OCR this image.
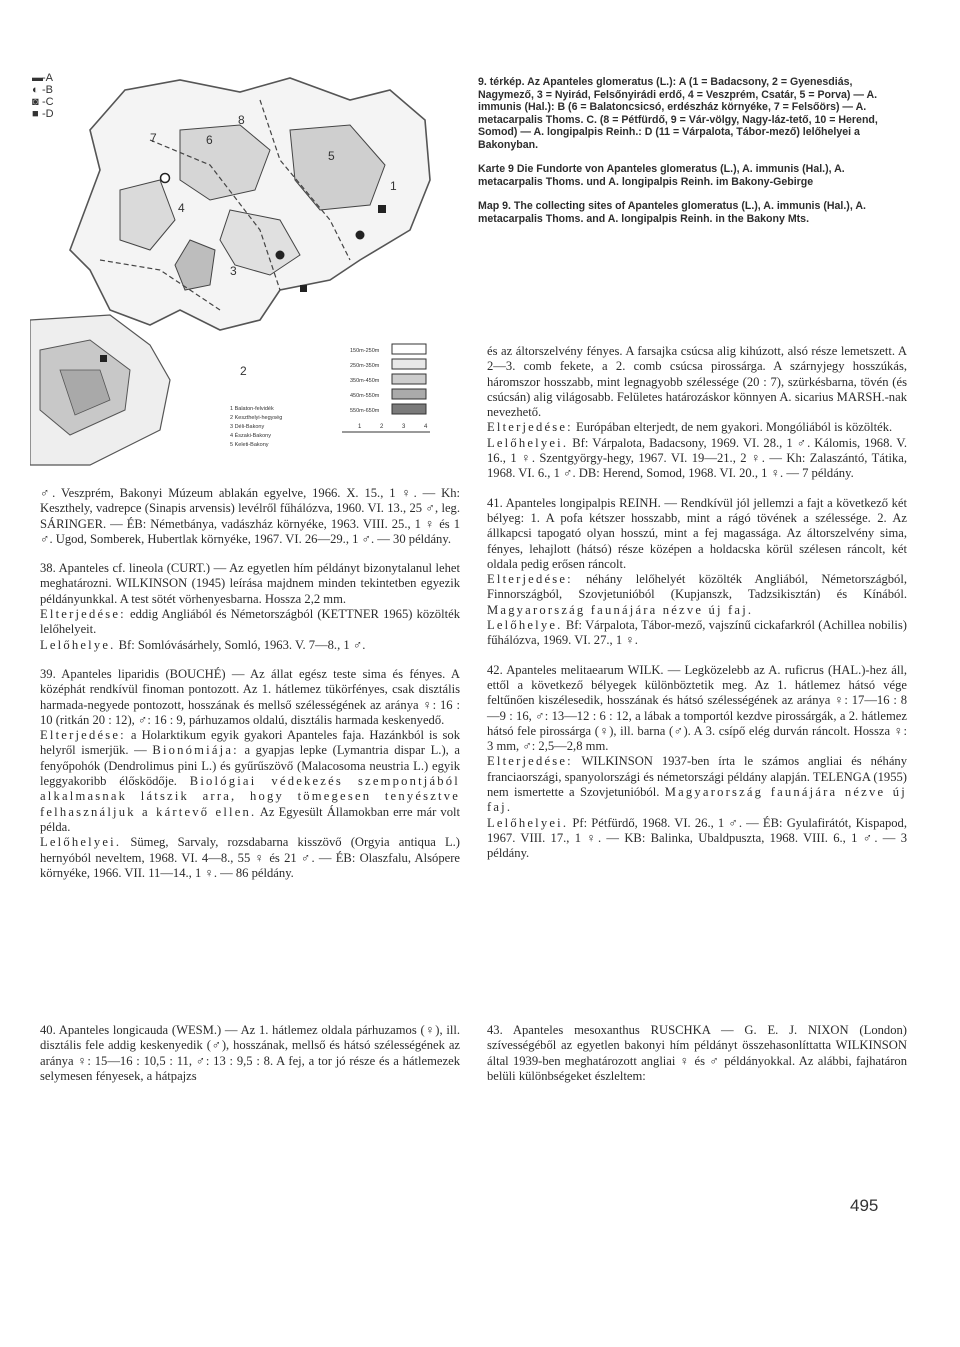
1
2
3
4
5
6
7
8
1 Balaton-felvidék
2 Keszthelyi-hegység
3 Déli-Bakony
4 Északi-Bakony
5 Keleti-Bakony
150m-250m
250m-350m
350m-450m
450m-550m
550m-650m
1	2	3	4
▬-A
◐ -B
◙ -C
■ -D

9. térkép. Az Apanteles glomeratus (L.): A (1 = Badacsony, 2 = Gyenesdiás, Nagymező, 3 = Nyirád, Felsőnyirádi erdő, 4 = Veszprém, Csatár, 5 = Porva) — A. immunis (Hal.): B (6 = Balatoncsicsó, erdészház környéke, 7 = Felsőörs) — A. metacarpalis Thoms. C. (8 = Pétfürdő, 9 = Vár-völgy, Nagy-láz-tető, 10 = Herend, Somod) — A. longipalpis Reinh.: D (11 = Várpalota, Tábor-mező) lelőhelyei a Bakonyban.

Karte 9 Die Fundorte von Apanteles glomeratus (L.), A. immunis (Hal.), A. metacarpalis Thoms. und A. longipalpis Reinh. im Bakony-Gebirge

Map 9. The collecting sites of Apanteles glomeratus (L.), A. immunis (Hal.), A. metacarpalis Thoms. and A. longipalpis Reinh. in the Bakony Mts.

♂. Veszprém, Bakonyi Múzeum ablakán egyelve, 1966. X. 15., 1 ♀. — Kh: Keszthely, vadrepce (Sinapis arvensis) levélről fűhálózva, 1960. VI. 13., 25 ♂, leg. SÁRINGER. — ÉB: Németbánya, vadászház környéke, 1963. VIII. 25., 1 ♀ és 1 ♂. Ugod, Somberek, Hubertlak környéke, 1967. VI. 26—29., 1 ♂. — 30 példány.

38. Apanteles cf. lineola (CURT.) — Az egyetlen hím példányt bizonytalanul lehet meghatározni. WILKINSON (1945) leírása majdnem minden tekintetben egyezik példányunkkal. A test sötét vörhenyesbarna. Hossza 2,2 mm.

Elterjedése: eddig Angliából és Németországból (KETTNER 1965) közölték lelőhelyeit.

Lelőhelye. Bf: Somlóvásárhely, Somló, 1963. V. 7—8., 1 ♂.

39. Apanteles liparidis (BOUCHÉ) — Az állat egész teste sima és fényes. A középhát rendkívül finoman pontozott. Az 1. hátlemez tükörfényes, csak disztális harmada-negyede pontozott, hosszának és mellső szélességének az aránya ♀: 16 : 10 (ritkán 20 : 12), ♂: 16 : 9, párhuzamos oldalú, disztális harmada keskenyedő.

Elterjedése: a Holarktikum egyik gyakori Apanteles faja. Hazánkból is sok helyről ismerjük. — Bionómiája: a gyapjas lepke (Lymantria dispar L.), a fenyőpohók (Dendrolimus pini L.) és gyűrűszövő (Malacosoma neustria L.) egyik leggyakoribb élősködője. Biológiai védekezés szempontjából alkalmasnak látszik arra, hogy tömegesen tenyésztve felhasználjuk a kártevő ellen. Az Egyesült Államokban erre már volt példa.

Lelőhelyei. Sümeg, Sarvaly, rozsdabarna kisszövő (Orgyia antiqua L.) hernyóból neveltem, 1968. VI. 4—8., 55 ♀ és 21 ♂. — ÉB: Olaszfalu, Alsópere környéke, 1966. VII. 11—14., 1 ♀. — 86 példány.

és az áltorszelvény fényes. A farsajka csúcsa alig kihúzott, alsó része lemetszett. A 2—3. comb fekete, a 2. comb csúcsa pirossárga. A szárnyjegy hosszúkás, háromszor hosszabb, mint legnagyobb szélessége (20 : 7), szürkésbarna, tövén (és csúcsán) alig világosabb. Felületes határozáskor könnyen A. sicarius MARSH.-nak nevezhető.

Elterjedése: Európában elterjedt, de nem gyakori. Mongóliából is közölték.

Lelőhelyei. Bf: Várpalota, Badacsony, 1969. VI. 28., 1 ♂. Kálomis, 1968. V. 16., 1 ♀. Szentgyörgy-hegy, 1967. VI. 19—21., 2 ♀. — Kh: Zalaszántó, Tátika, 1968. VI. 6., 1 ♂. DB: Herend, Somod, 1968. VI. 20., 1 ♀. — 7 példány.

41. Apanteles longipalpis REINH. — Rendkívül jól jellemzi a fajt a következő két bélyeg: 1. A pofa kétszer hosszabb, mint a rágó tövének a szélessége. 2. Az állkapcsi tapogató olyan hosszú, mint a fej magassága. Az áltorszelvény sima, fényes, lehajlott (hátsó) része középen a holdacska körül szélesen ráncolt, két oldala pedig erősen ráncolt.

Elterjedése: néhány lelőhelyét közölték Angliából, Németországból, Finnországból, Szovjetunióból (Kupjanszk, Tadzsikisztán) és Kínából. Magyarország faunájára nézve új faj.

Lelőhelye. Bf: Várpalota, Tábor-mező, vajszínű cickafarkról (Achillea nobilis) fűhálózva, 1969. VI. 27., 1 ♀.

42. Apanteles melitaearum WILK. — Legközelebb az A. ruficrus (HAL.)-hez áll, ettől a következő bélyegek különböztetik meg. Az 1. hátlemez hátsó vége feltűnően kiszélesedik, hosszának és hátsó szélességének az aránya ♀: 17—16 : 8—9 : 16, ♂: 13—12 : 6 : 12, a lábak a tomportól kezdve pirossárgák, a 2. hátlemez hátsó fele pirossárga (♀), ill. barna (♂). A 3. csípő elég durván ráncolt. Hossza ♀: 3 mm, ♂: 2,5—2,8 mm.

Elterjedése: WILKINSON 1937-ben írta le számos angliai és néhány franciaországi, spanyolországi és németországi példány alapján. TELENGA (1955) nem ismertette a Szovjetunióból. Magyarország faunájára nézve új faj.

Lelőhelyei. Pf: Pétfürdő, 1968. VI. 26., 1 ♂. — ÉB: Gyulafirátót, Kispapod, 1967. VIII. 17., 1 ♀. — KB: Balinka, Ubaldpuszta, 1968. VIII. 6., 1 ♂. — 3 példány.

40. Apanteles longicauda (WESM.) — Az 1. hátlemez oldala párhuzamos (♀), ill. disztális fele addig keskenyedik (♂), hosszának, mellső és hátsó szélességének az aránya ♀: 15—16 : 10,5 : 11, ♂: 13 : 9,5 : 8. A fej, a tor jó része és a hátlemezek selymesen fényesek, a hátpajzs

43. Apanteles mesoxanthus RUSCHKA — G. E. J. NIXON (London) szívességéből az egyetlen bakonyi hím példányt összehasonlíttatta WILKINSON által 1939-ben meghatározott angliai ♀ és ♂ példányokkal. Az alábbi, fajhatáron belüli különbségeket észleltem:

495
